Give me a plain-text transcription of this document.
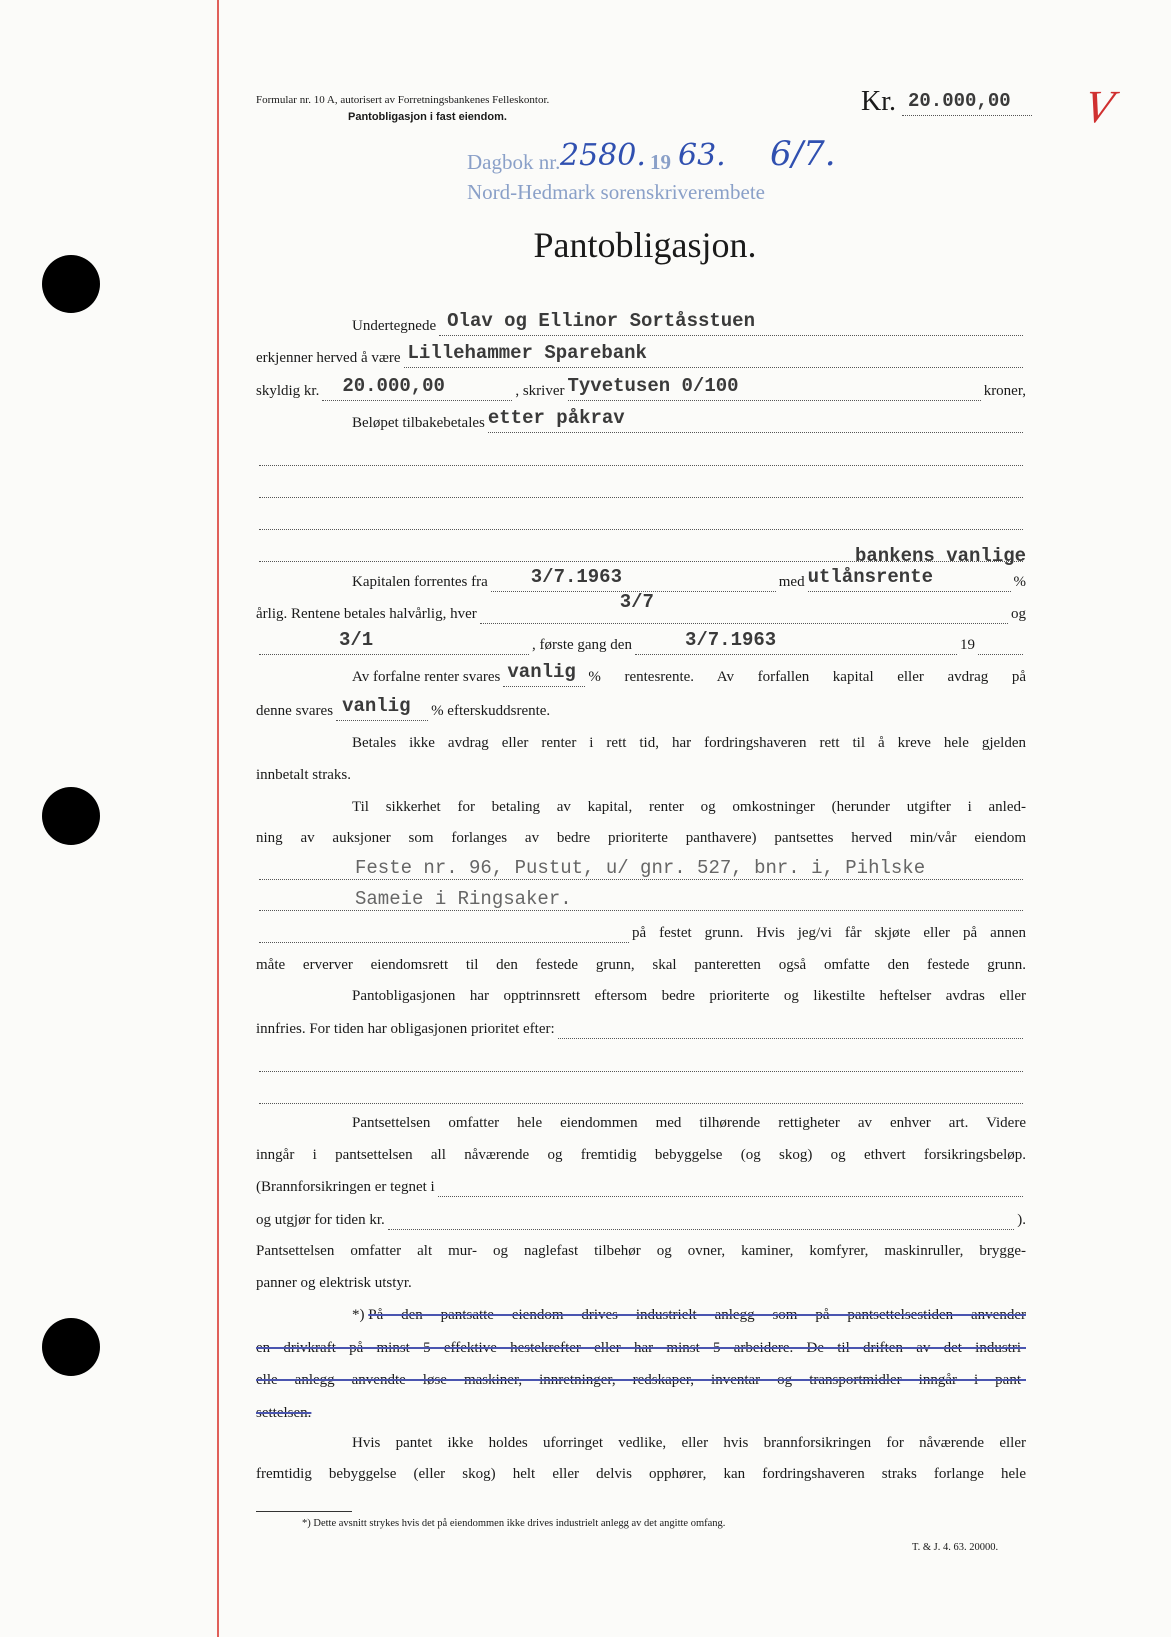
Formular nr. 10 A, autorisert av Forretningsbankenes Felleskontor.
Pantobligasjon i fast eiendom.	Kr. ​ 20.000,00 V
Dagbok nr. 2580. 19 63. 6/7.
Nord-Hedmark sorenskriverembete
Pantobligasjon.
Undertegnede ​ Olav og Ellinor Sortåsstuen
erkjenner herved å være ​ Lillehammer Sparebank
skyldig kr. ​ 20.000,00	, skriver ​ Tyvetusen 0/100	kroner,
Beløpet tilbakebetales ​ etter påkrav
​
​
​
​ bankens vanlige
Kapitalen forrentes fra ​ 3/7.1963	med ​ utlånsrente	%
årlig. Rentene betales halvårlig, hver
​ 3/7
og
​ 3/1	, første gang den	​ 3/7.1963	19
​
Av forfalne renter svares ​ vanlig % rentesrente. Av forfallen kapital eller avdrag på
denne svares ​ vanlig % efterskuddsrente.
Betales ikke avdrag eller renter i rett tid, har fordringshaveren rett til å kreve hele gjelden
innbetalt straks.
Til sikkerhet for betaling av kapital, renter og omkostninger (herunder utgifter i anled-
ning av auksjoner som forlanges av bedre prioriterte panthavere) pantsettes herved min/vår eiendom
​ Feste nr. 96, Pustut, u/ gnr. 527, bnr. i, Pihlske
​ Sameie i Ringsaker.
​
på festet grunn. Hvis jeg/vi får skjøte eller på annen
måte erverver eiendomsrett til den festede grunn, skal panteretten også omfatte den festede grunn.
Pantobligasjonen har opptrinnsrett eftersom bedre prioriterte og likestilte heftelser avdras eller
innfries. For tiden har obligasjonen prioritet efter:
​
​
​
Pantsettelsen omfatter hele eiendommen med tilhørende rettigheter av enhver art. Videre
inngår i pantsettelsen all nåværende og fremtidig bebyggelse (og skog) og ethvert forsikringsbeløp.
(Brannforsikringen er tegnet i
​
og utgjør for tiden kr. ​	).
Pantsettelsen omfatter alt mur- og naglefast tilbehør og ovner, kaminer, komfyrer, maskinruller, brygge-
panner og elektrisk utstyr.
*)
På den pantsatte eiendom drives industrielt anlegg som på pantsettelsestiden anvender
en drivkraft på minst 5 effektive hestekrefter eller har minst 5 arbeidere. De til driften av det industri-
elle anlegg anvendte løse maskiner, innretninger, redskaper, inventar og transportmidler inngår i pant-
settelsen.
Hvis pantet ikke holdes uforringet vedlike, eller hvis brannforsikringen for nåværende eller
fremtidig bebyggelse (eller skog) helt eller delvis opphører, kan fordringshaveren straks forlange hele
*) Dette avsnitt strykes hvis det på eiendommen ikke drives industrielt anlegg av det angitte omfang.
T. & J. 4. 63. 20000.
